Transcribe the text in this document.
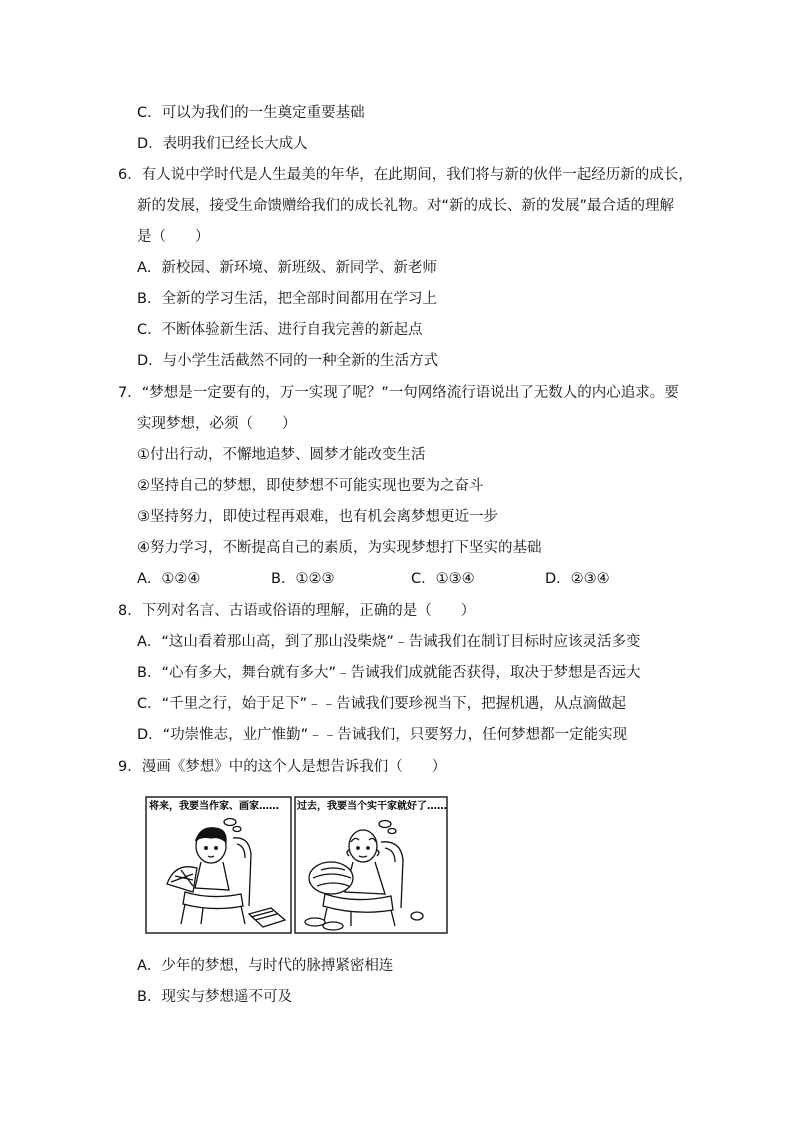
C．可以为我们的一生奠定重要基础
D．表明我们已经长大成人
6．有人说中学时代是人生最美的年华，在此期间，我们将与新的伙伴一起经历新的成长，
新的发展，接受生命馈赠给我们的成长礼物。对“新的成长、新的发展”最合适的理解
是（　　）
A．新校园、新环境、新班级、新同学、新老师
B．全新的学习生活，把全部时间都用在学习上
C．不断体验新生活、进行自我完善的新起点
D．与小学生活截然不同的一种全新的生活方式
7．“梦想是一定要有的，万一实现了呢？”一句网络流行语说出了无数人的内心追求。要
实现梦想，必须（　　）
①付出行动，不懈地追梦、圆梦才能改变生活
②坚持自己的梦想，即使梦想不可能实现也要为之奋斗
③坚持努力，即使过程再艰难，也有机会离梦想更近一步
④努力学习，不断提高自己的素质，为实现梦想打下坚实的基础
A．①②④	B．①②③	C．①③④	D．②③④
8．下列对名言、古语或俗语的理解，正确的是（　　）
A．“这山看着那山高，到了那山没柴烧”﹣告诫我们在制订目标时应该灵活多变
B．“心有多大，舞台就有多大”﹣告诫我们成就能否获得，取决于梦想是否远大
C．“千里之行，始于足下”﹣﹣告诫我们要珍视当下，把握机遇，从点滴做起
D．“功崇惟志，业广惟勤”﹣﹣告诫我们，只要努力，任何梦想都一定能实现
9．漫画《梦想》中的这个人是想告诉我们（　　）
将来，我要当作家、画家…… 过去，我要当个实干家就好了……
A．少年的梦想，与时代的脉搏紧密相连
B．现实与梦想遥不可及
